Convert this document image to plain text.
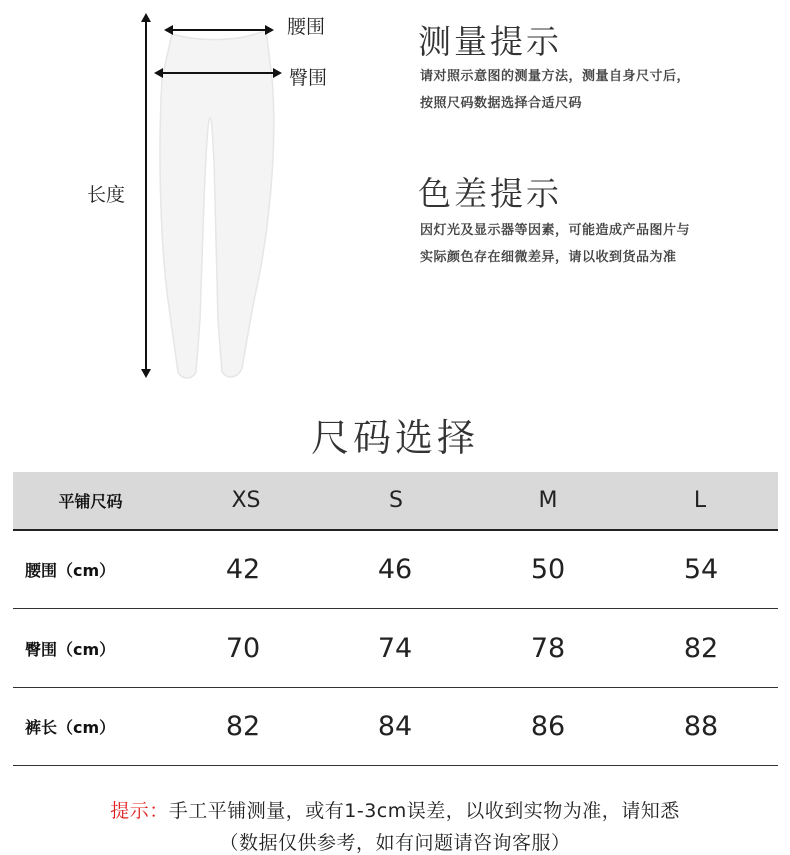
腰围
臀围
长度
测量提示
请对照示意图的测量方法，测量自身尺寸后，
按照尺码数据选择合适尺码
色差提示
因灯光及显示器等因素，可能造成产品图片与
实际颜色存在细微差异，请以收到货品为准
尺码选择
平铺尺码	XS	S	M	L
腰围（cm）	42	46	50	54
臀围（cm）	70	74	78	82
裤长（cm）	82	84	86	88
提示：手工平铺测量，或有1-3cm误差，以收到实物为准，请知悉
（数据仅供参考，如有问题请咨询客服）
